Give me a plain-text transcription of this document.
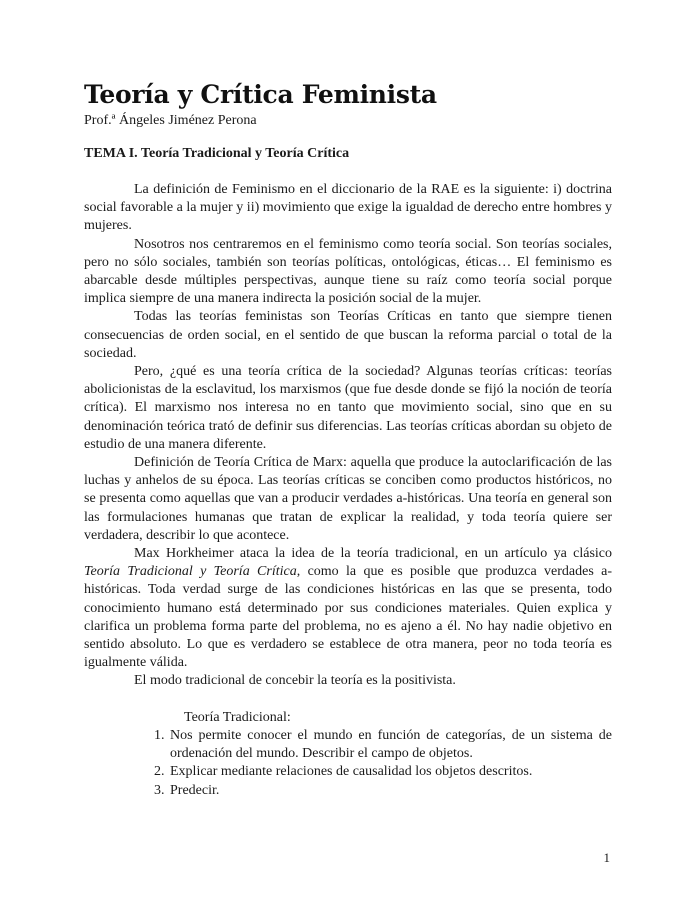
Teoría y Crítica Feminista

Prof.ª Ángeles Jiménez Perona

TEMA I. Teoría Tradicional y Teoría Crítica

La definición de Feminismo en el diccionario de la RAE es la siguiente: i) doctrina social favorable a la mujer y ii) movimiento que exige la igualdad de derecho entre hombres y mujeres.

Nosotros nos centraremos en el feminismo como teoría social. Son teorías sociales, pero no sólo sociales, también son teorías políticas, ontológicas, éticas… El feminismo es abarcable desde múltiples perspectivas, aunque tiene su raíz como teoría social porque implica siempre de una manera indirecta la posición social de la mujer.

Todas las teorías feministas son Teorías Críticas en tanto que siempre tienen consecuencias de orden social, en el sentido de que buscan la reforma parcial o total de la sociedad.

Pero, ¿qué es una teoría crítica de la sociedad? Algunas teorías críticas: teorías abolicionistas de la esclavitud, los marxismos (que fue desde donde se fijó la noción de teoría crítica). El marxismo nos interesa no en tanto que movimiento social, sino que en su denominación teórica trató de definir sus diferencias. Las teorías críticas abordan su objeto de estudio de una manera diferente.

Definición de Teoría Crítica de Marx: aquella que produce la autoclarificación de las luchas y anhelos de su época. Las teorías críticas se conciben como productos históricos, no se presenta como aquellas que van a producir verdades a-históricas. Una teoría en general son las formulaciones humanas que tratan de explicar la realidad, y toda teoría quiere ser verdadera, describir lo que acontece.

Max Horkheimer ataca la idea de la teoría tradicional, en un artículo ya clásico Teoría Tradicional y Teoría Crítica, como la que es posible que produzca verdades a-históricas. Toda verdad surge de las condiciones históricas en las que se presenta, todo conocimiento humano está determinado por sus condiciones materiales. Quien explica y clarifica un problema forma parte del problema, no es ajeno a él. No hay nadie objetivo en sentido absoluto. Lo que es verdadero se establece de otra manera, peor no toda teoría es igualmente válida.

El modo tradicional de concebir la teoría es la positivista.

Teoría Tradicional:

1. Nos permite conocer el mundo en función de categorías, de un sistema de ordenación del mundo. Describir el campo de objetos.
2. Explicar mediante relaciones de causalidad los objetos descritos.
3. Predecir.
1
